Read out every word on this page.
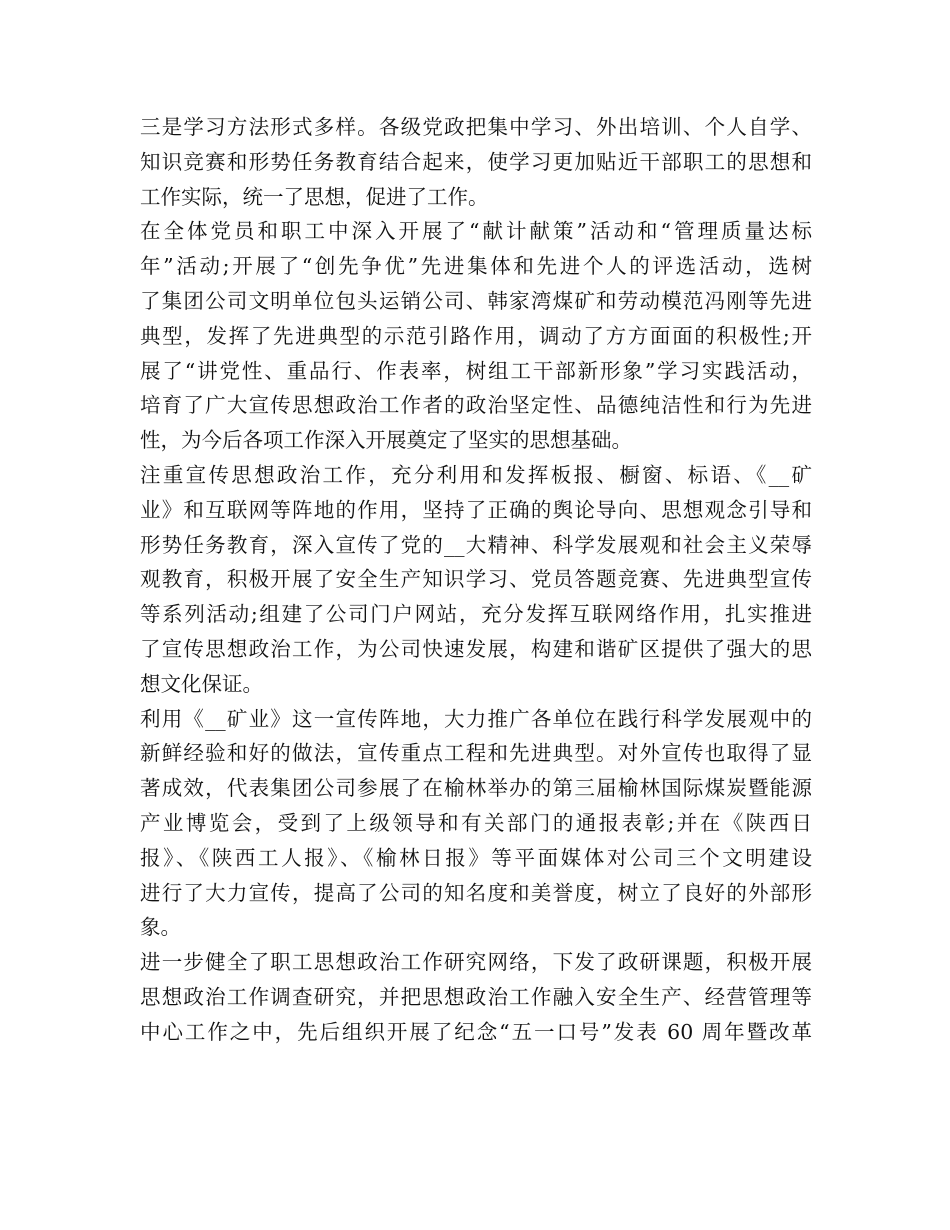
三是学习方法形式多样。各级党政把集中学习、外出培训、个人自学、
知识竞赛和形势任务教育结合起来，使学习更加贴近干部职工的思想和
工作实际，统一了思想，促进了工作。
在全体党员和职工中深入开展了“献计献策”活动和“管理质量达标
年”活动;开展了“创先争优”先进集体和先进个人的评选活动，选树
了集团公司文明单位包头运销公司、韩家湾煤矿和劳动模范冯刚等先进
典型，发挥了先进典型的示范引路作用，调动了方方面面的积极性;开
展了“讲党性、重品行、作表率，树组工干部新形象”学习实践活动，
培育了广大宣传思想政治工作者的政治坚定性、品德纯洁性和行为先进
性，为今后各项工作深入开展奠定了坚实的思想基础。
注重宣传思想政治工作，充分利用和发挥板报、橱窗、标语、《__矿
业》和互联网等阵地的作用，坚持了正确的舆论导向、思想观念引导和
形势任务教育，深入宣传了党的__大精神、科学发展观和社会主义荣辱
观教育，积极开展了安全生产知识学习、党员答题竞赛、先进典型宣传
等系列活动;组建了公司门户网站，充分发挥互联网络作用，扎实推进
了宣传思想政治工作，为公司快速发展，构建和谐矿区提供了强大的思
想文化保证。
利用《__矿业》这一宣传阵地，大力推广各单位在践行科学发展观中的
新鲜经验和好的做法，宣传重点工程和先进典型。对外宣传也取得了显
著成效，代表集团公司参展了在榆林举办的第三届榆林国际煤炭暨能源
产业博览会，受到了上级领导和有关部门的通报表彰;并在《陕西日
报》、《陕西工人报》、《榆林日报》等平面媒体对公司三个文明建设
进行了大力宣传，提高了公司的知名度和美誉度，树立了良好的外部形
象。
进一步健全了职工思想政治工作研究网络，下发了政研课题，积极开展
思想政治工作调查研究，并把思想政治工作融入安全生产、经营管理等
中心工作之中，先后组织开展了纪念“五一口号”发表 60 周年暨改革
